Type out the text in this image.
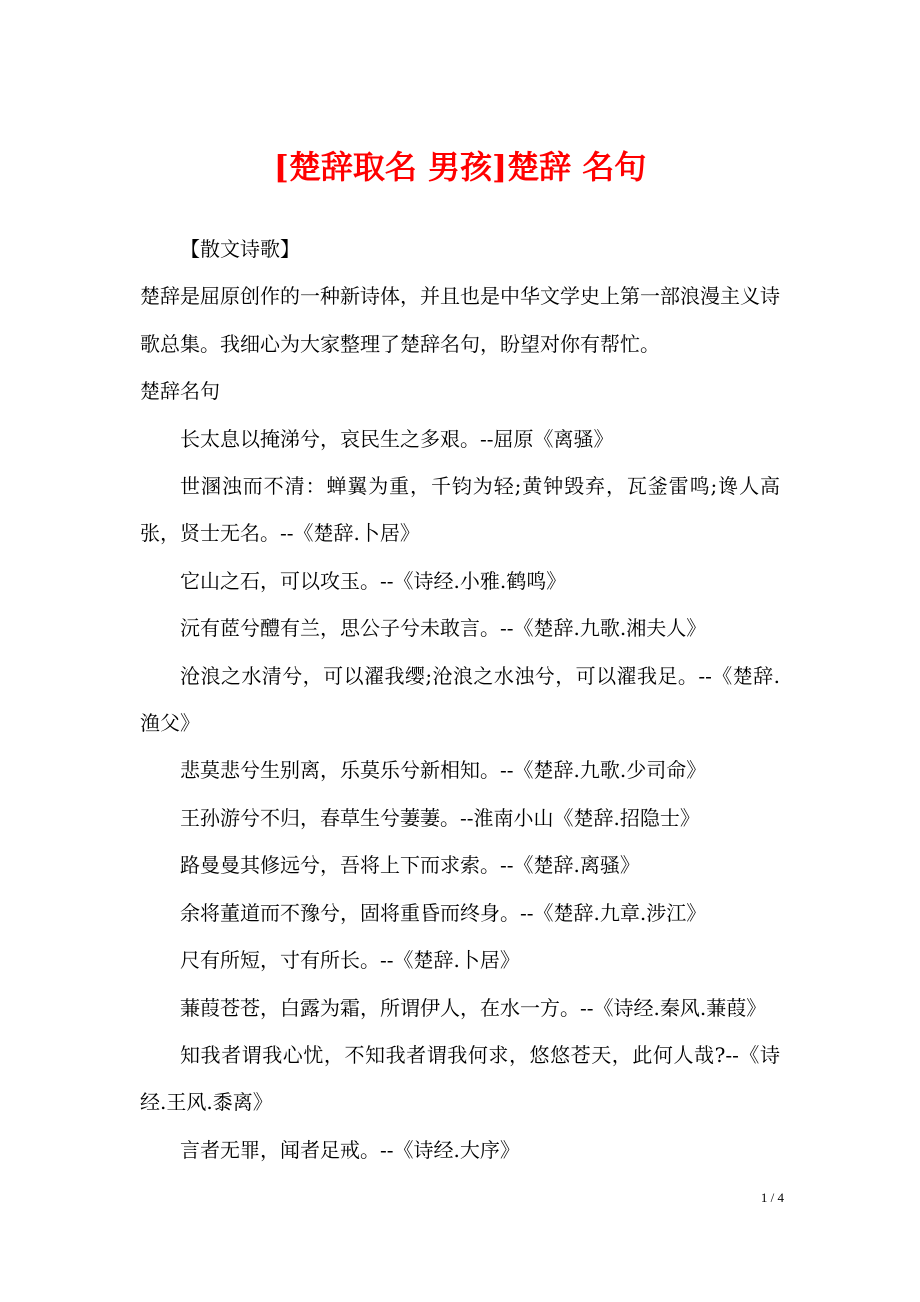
[楚辞取名 男孩]楚辞 名句

【散文诗歌】

楚辞是屈原创作的一种新诗体，并且也是中华文学史上第一部浪漫主义诗歌总集。我细心为大家整理了楚辞名句，盼望对你有帮忙。

楚辞名句

长太息以掩涕兮，哀民生之多艰。--屈原《离骚》

世溷浊而不清：蝉翼为重，千钧为轻;黄钟毁弃，瓦釜雷鸣;谗人高张，贤士无名。--《楚辞.卜居》

它山之石，可以攻玉。--《诗经.小雅.鹤鸣》

沅有茝兮醴有兰，思公子兮未敢言。--《楚辞.九歌.湘夫人》

沧浪之水清兮，可以濯我缨;沧浪之水浊兮，可以濯我足。--《楚辞.渔父》

悲莫悲兮生别离，乐莫乐兮新相知。--《楚辞.九歌.少司命》

王孙游兮不归，春草生兮萋萋。--淮南小山《楚辞.招隐士》

路曼曼其修远兮，吾将上下而求索。--《楚辞.离骚》

余将董道而不豫兮，固将重昏而终身。--《楚辞.九章.涉江》

尺有所短，寸有所长。--《楚辞.卜居》

蒹葭苍苍，白露为霜，所谓伊人，在水一方。--《诗经.秦风.蒹葭》

知我者谓我心忧，不知我者谓我何求，悠悠苍天，此何人哉?--《诗经.王风.黍离》

言者无罪，闻者足戒。--《诗经.大序》

1 / 4
